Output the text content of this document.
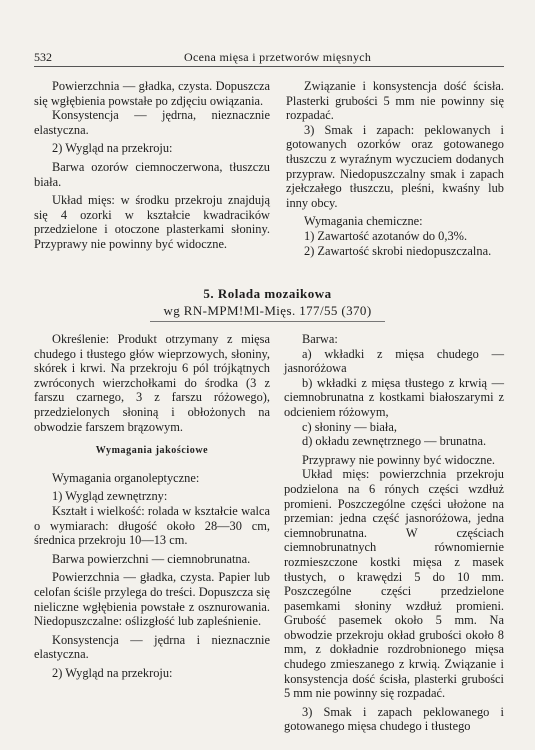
532	Ocena mięsa i przetworów mięsnych

Powierzchnia — gładka, czysta. Dopuszcza się wgłębienia powstałe po zdjęciu owiązania.

Konsystencja — jędrna, nieznacznie elastyczna.

2) Wygląd na przekroju:

Barwa ozorów ciemnoczerwona, tłuszczu biała.

Układ mięs: w środku przekroju znajdują się 4 ozorki w kształcie kwadracików przedzielone i otoczone plasterkami słoniny. Przyprawy nie powinny być widoczne.

Związanie i konsystencja dość ścisła. Plasterki grubości 5 mm nie powinny się rozpadać.

3) Smak i zapach: peklowanych i gotowanych ozorków oraz gotowanego tłuszczu z wyraźnym wyczuciem dodanych przypraw. Niedopuszczalny smak i zapach zjełczałego tłuszczu, pleśni, kwaśny lub inny obcy.

Wymagania chemiczne:

1) Zawartość azotanów do 0,3%.

2) Zawartość skrobi niedopuszczalna.

5. Rolada mozaikowa
wg RN-MPM!Ml-Mięs. 177/55 (370)

Określenie: Produkt otrzymany z mięsa chudego i tłustego głów wieprzowych, słoniny, skórek i krwi. Na przekroju 6 pól trójkątnych zwróconych wierzchołkami do środka (3 z farszu czarnego, 3 z farszu różowego), przedzielonych słoniną i obłożonych na obwodzie farszem brązowym.

Wymagania jakościowe

Wymagania organoleptyczne:

1) Wygląd zewnętrzny:

Kształt i wielkość: rolada w kształcie walca o wymiarach: długość około 28—30 cm, średnica przekroju 10—13 cm.

Barwa powierzchni — ciemnobrunatna.

Powierzchnia — gładka, czysta. Papier lub celofan ściśle przylega do treści. Dopuszcza się nieliczne wgłębienia powstałe z osznurowania. Niedopuszczalne: oślizgłość lub zapleśnienie.

Konsystencja — jędrna i nieznacznie elastyczna.

2) Wygląd na przekroju:

Barwa:

a) wkładki z mięsa chudego — jasnoróżowa

b) wkładki z mięsa tłustego z krwią — ciemnobrunatna z kostkami białoszarymi z odcieniem różowym,

c) słoniny — biała,

d) okładu zewnętrznego — brunatna.

Przyprawy nie powinny być widoczne.

Układ mięs: powierzchnia przekroju podzielona na 6 rónych części wzdłuż promieni. Poszczególne części ułożone na przemian: jedna część jasnoróżowa, jedna ciemnobrunatna. W częściach ciemnobrunatnych równomiernie rozmieszczone kostki mięsa z masek tłustych, o krawędzi 5 do 10 mm. Poszczególne części przedzielone pasemkami słoniny wzdłuż promieni. Grubość pasemek około 5 mm. Na obwodzie przekroju okład grubości około 8 mm, z dokładnie rozdrobnionego mięsa chudego zmieszanego z krwią. Związanie i konsystencja dość ścisła, plasterki grubości 5 mm nie powinny się rozpadać.

3) Smak i zapach peklowanego i gotowanego mięsa chudego i tłustego
